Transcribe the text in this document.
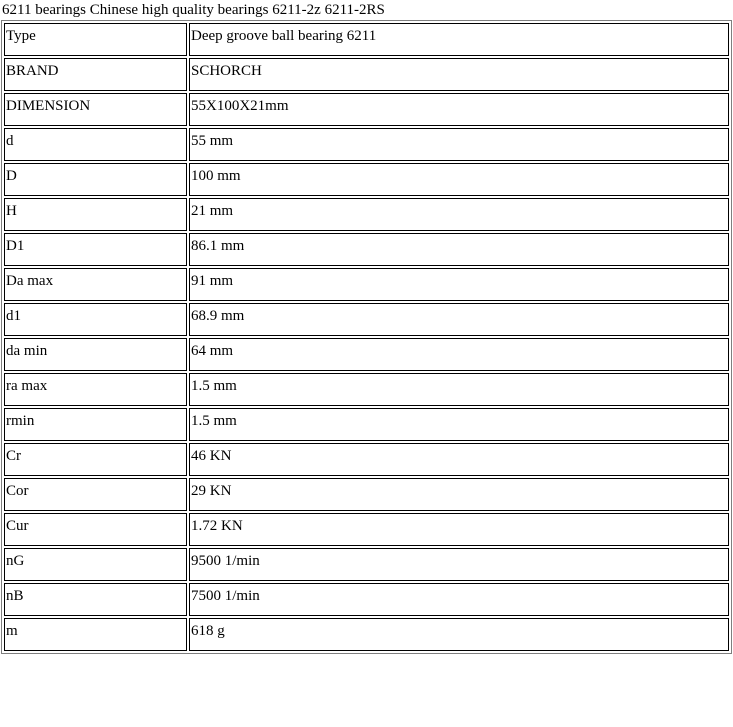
6211 bearings Chinese high quality bearings 6211-2z 6211-2RS
Type	Deep groove ball bearing 6211
BRAND	SCHORCH
DIMENSION	55X100X21mm
d	55 mm
D	100 mm
H	21 mm
D1	86.1 mm
Da max	91 mm
d1	68.9 mm
da min	64 mm
ra max	1.5 mm
rmin	1.5 mm
Cr	46 KN
Cor	29 KN
Cur	1.72 KN
nG	9500 1/min
nB	7500 1/min
m	618 g
